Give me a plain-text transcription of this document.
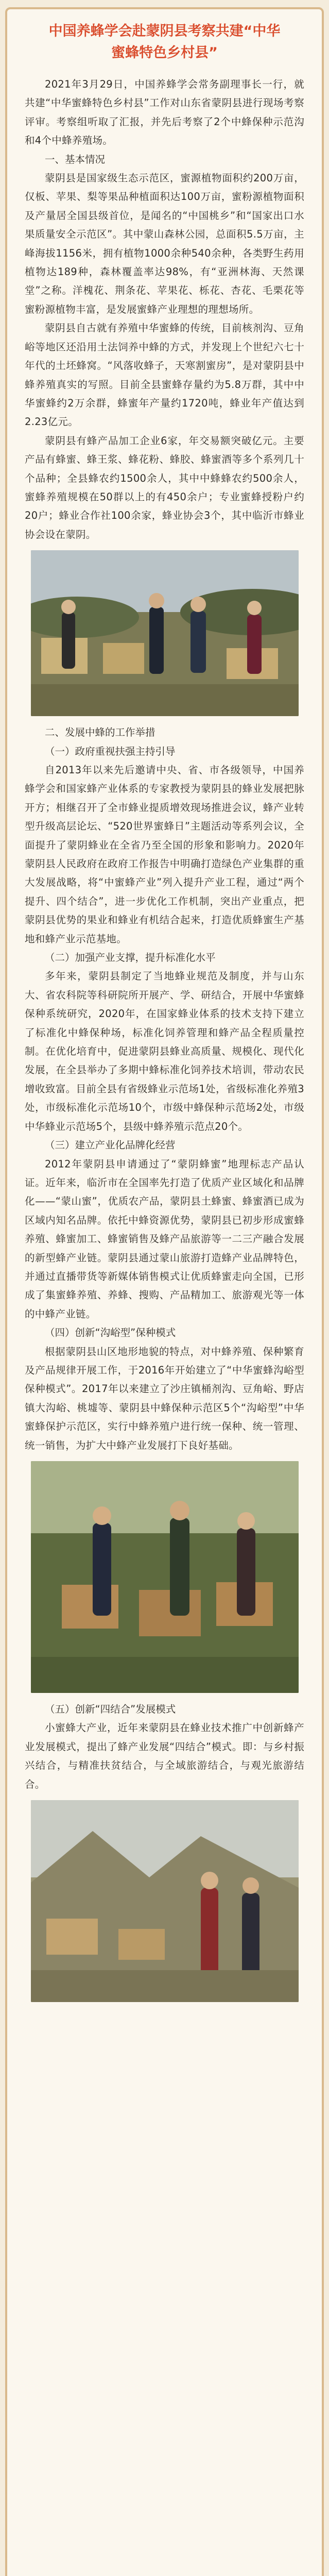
中国养蜂学会赴蒙阴县考察共建“中华
蜜蜂特色乡村县”

2021年3月29日，中国养蜂学会常务副理事长一行，就共建“中华蜜蜂特色乡村县”工作对山东省蒙阴县进行现场考察评审。考察组听取了汇报，并先后考察了2个中蜂保种示范沟和4个中蜂养殖场。

一、基本情况

蒙阴县是国家级生态示范区，蜜源植物面积约200万亩，仅板、苹果、梨等果品种植面积达100万亩，蜜粉源植物面积及产量居全国县级首位，是闻名的“中国桃乡”和“国家出口水果质量安全示范区”。其中蒙山森林公园，总面积5.5万亩，主峰海拔1156米，拥有植物1000余种540余种，各类野生药用植物达189种，森林覆盖率达98%，有“亚洲林海、天然课堂”之称。洋槐花、荆条花、苹果花、栎花、杏花、毛栗花等蜜粉源植物丰富，是发展蜜蜂产业理想的理想场所。

蒙阴县自古就有养殖中华蜜蜂的传统，目前核剂沟、豆角峪等地区还沿用土法饲养中蜂的方式，并发现上个世纪六七十年代的土坯蜂窝。“风落收蜂子，天寒割蜜房”，是对蒙阴县中蜂养殖真实的写照。目前全县蜜蜂存量约为5.8万群，其中中华蜜蜂约2万余群，蜂蜜年产量约1720吨，蜂业年产值达到2.23亿元。

蒙阴县有蜂产品加工企业6家，年交易额突破亿元。主要产品有蜂蜜、蜂王浆、蜂花粉、蜂胶、蜂蜜酒等多个系列几十个品种；全县蜂农约1500余人，其中中蜂蜂农约500余人，蜜蜂养殖规模在50群以上的有450余户；专业蜜蜂授粉户约20户；蜂业合作社100余家，蜂业协会3个，其中临沂市蜂业协会设在蒙阴。

二、发展中蜂的工作举措

（一）政府重视扶强主持引导

自2013年以来先后邀请中央、省、市各级领导，中国养蜂学会和国家蜂产业体系的专家教授为蒙阴县的蜂业发展把脉开方；相继召开了全市蜂业提质增效现场推进会议，蜂产业转型升级高层论坛、“520世界蜜蜂日”主题活动等系列会议，全面提升了蒙阴蜂业在全省乃至全国的形象和影响力。2020年蒙阴县人民政府在政府工作报告中明确打造绿色产业集群的重大发展战略，将“中蜜蜂产业”列入提升产业工程，通过“两个提升、四个结合”，进一步优化工作机制，突出产业重点，把蒙阴县优势的果业和蜂业有机结合起来，打造优质蜂蜜生产基地和蜂产业示范基地。

（二）加强产业支撑，提升标准化水平

多年来，蒙阴县制定了当地蜂业规范及制度，并与山东大、省农科院等科研院所开展产、学、研结合，开展中华蜜蜂保种系统研究，2020年，在国家蜂业体系的技术支持下建立了标准化中蜂保种场，标准化饲养管理和蜂产品全程质量控制。在优化培育中，促进蒙阴县蜂业高质量、规模化、现代化发展，在全县举办了多期中蜂标准化饲养技术培训，带动农民增收致富。目前全县有省级蜂业示范场1处，省级标准化养殖3处，市级标准化示范场10个，市级中蜂保种示范场2处，市级中华蜂业示范场5个，县级中蜂养殖示范点20个。

（三）建立产业化品牌化经营

2012年蒙阴县申请通过了“蒙阴蜂蜜”地理标志产品认证。近年来，临沂市在全国率先打造了优质产业区域化和品牌化——“蒙山蜜”，优质农产品，蒙阴县土蜂蜜、蜂蜜酒已成为区域内知名品牌。依托中蜂资源优势，蒙阴县已初步形成蜜蜂养殖、蜂蜜加工、蜂蜜销售及蜂产品旅游等一二三产融合发展的新型蜂产业链。蒙阴县通过蒙山旅游打造蜂产业品牌特色，并通过直播带货等新媒体销售模式让优质蜂蜜走向全国，已形成了集蜜蜂养殖、养蜂、搜购、产品精加工、旅游观光等一体的中蜂产业链。

（四）创新“沟峪型”保种模式

根据蒙阴县山区地形地貌的特点，对中蜂养殖、保种繁育及产品规律开展工作，于2016年开始建立了“中华蜜蜂沟峪型保种模式”。2017年以来建立了沙庄镇桶剂沟、豆角峪、野店镇大沟峪、桃墟等、蒙阴县中蜂保种示范区5个“沟峪型”中华蜜蜂保护示范区，实行中蜂养殖户进行统一保种、统一管理、统一销售，为扩大中蜂产业发展打下良好基础。

（五）创新“四结合”发展模式

小蜜蜂大产业，近年来蒙阴县在蜂业技术推广中创新蜂产业发展模式，提出了蜂产业发展“四结合”模式。即：与乡村振兴结合，与精准扶贫结合，与全域旅游结合，与观光旅游结合。
